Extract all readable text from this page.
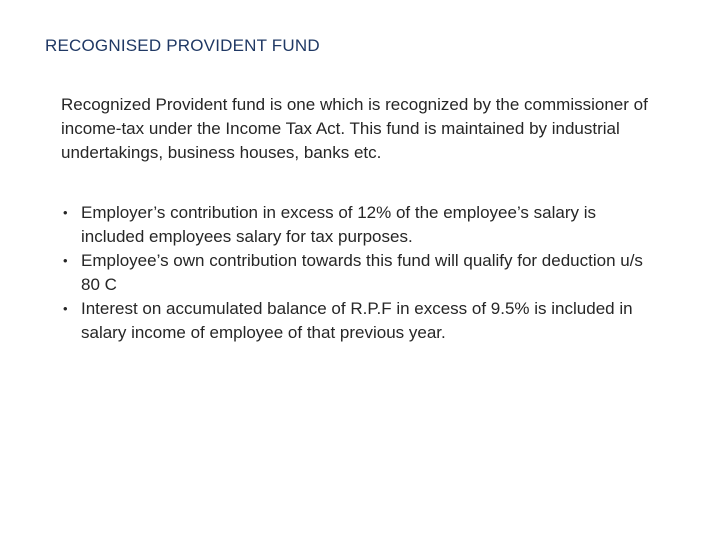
RECOGNISED PROVIDENT FUND

Recognized Provident fund is one which is recognized by the commissioner of income-tax under the Income Tax Act. This fund is maintained by industrial undertakings, business houses, banks etc.

• Employer’s contribution in excess of 12% of the employee’s salary is included employees salary for tax purposes.
• Employee’s own contribution towards this fund will qualify for deduction u/s 80 C
• Interest on accumulated balance of R.P.F in excess of 9.5% is included in salary income of employee of that previous year.
